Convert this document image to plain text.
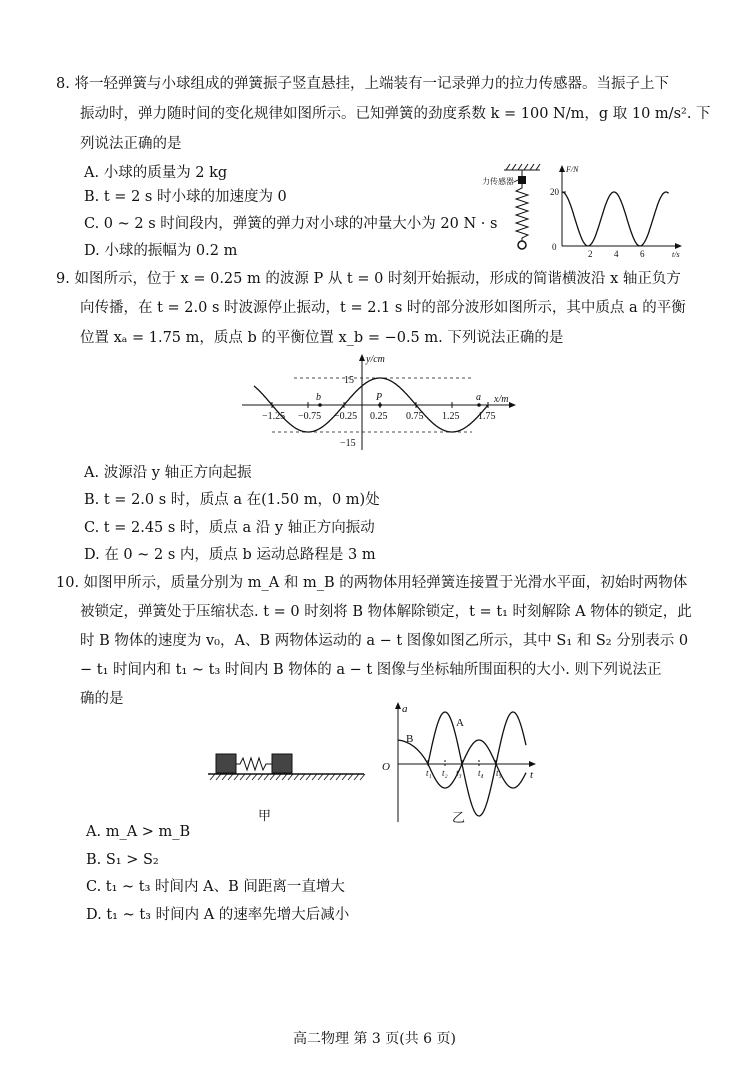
8. 将一轻弹簧与小球组成的弹簧振子竖直悬挂，上端装有一记录弹力的拉力传感器。当振子上下
振动时，弹力随时间的变化规律如图所示。已知弹簧的劲度系数 k = 100 N/m，g 取 10 m/s². 下
列说法正确的是
A. 小球的质量为 2 kg
B. t = 2 s 时小球的加速度为 0
C. 0 ~ 2 s 时间段内，弹簧的弹力对小球的冲量大小为 20 N · s
D. 小球的振幅为 0.2 m
力传感器
F/N
t/s
20
0
2 4 6
9. 如图所示，位于 x = 0.25 m 的波源 P 从 t = 0 时刻开始振动，形成的简谐横波沿 x 轴正负方
向传播，在 t = 2.0 s 时波源停止振动，t = 2.1 s 时的部分波形如图所示，其中质点 a 的平衡
位置 xₐ = 1.75 m，质点 b 的平衡位置 x_b = −0.5 m. 下列说法正确的是
y/cm
x/m
15
−15
−1.25 −0.75 −0.25 0.25 0.75 1.25 1.75
b	P	a
A. 波源沿 y 轴正方向起振
B. t = 2.0 s 时，质点 a 在(1.50 m，0 m)处
C. t = 2.45 s 时，质点 a 沿 y 轴正方向振动
D. 在 0 ~ 2 s 内，质点 b 运动总路程是 3 m
10. 如图甲所示，质量分别为 m_A 和 m_B 的两物体用轻弹簧连接置于光滑水平面，初始时两物体
被锁定，弹簧处于压缩状态. t = 0 时刻将 B 物体解除锁定，t = t₁ 时刻解除 A 物体的锁定，此
时 B 物体的速度为 v₀，A、B 两物体运动的 a − t 图像如图乙所示，其中 S₁ 和 S₂ 分别表示 0
− t₁ 时间内和 t₁ ~ t₃ 时间内 B 物体的 a − t 图像与坐标轴所围面积的大小. 则下列说法正
确的是
甲
a
t
O
A
B
t₁ t₂ t₃ t₄ t₅
乙
A. m_A > m_B
B. S₁ > S₂
C. t₁ ~ t₃ 时间内 A、B 间距离一直增大
D. t₁ ~ t₃ 时间内 A 的速率先增大后减小
高二物理 第 3 页(共 6 页)
